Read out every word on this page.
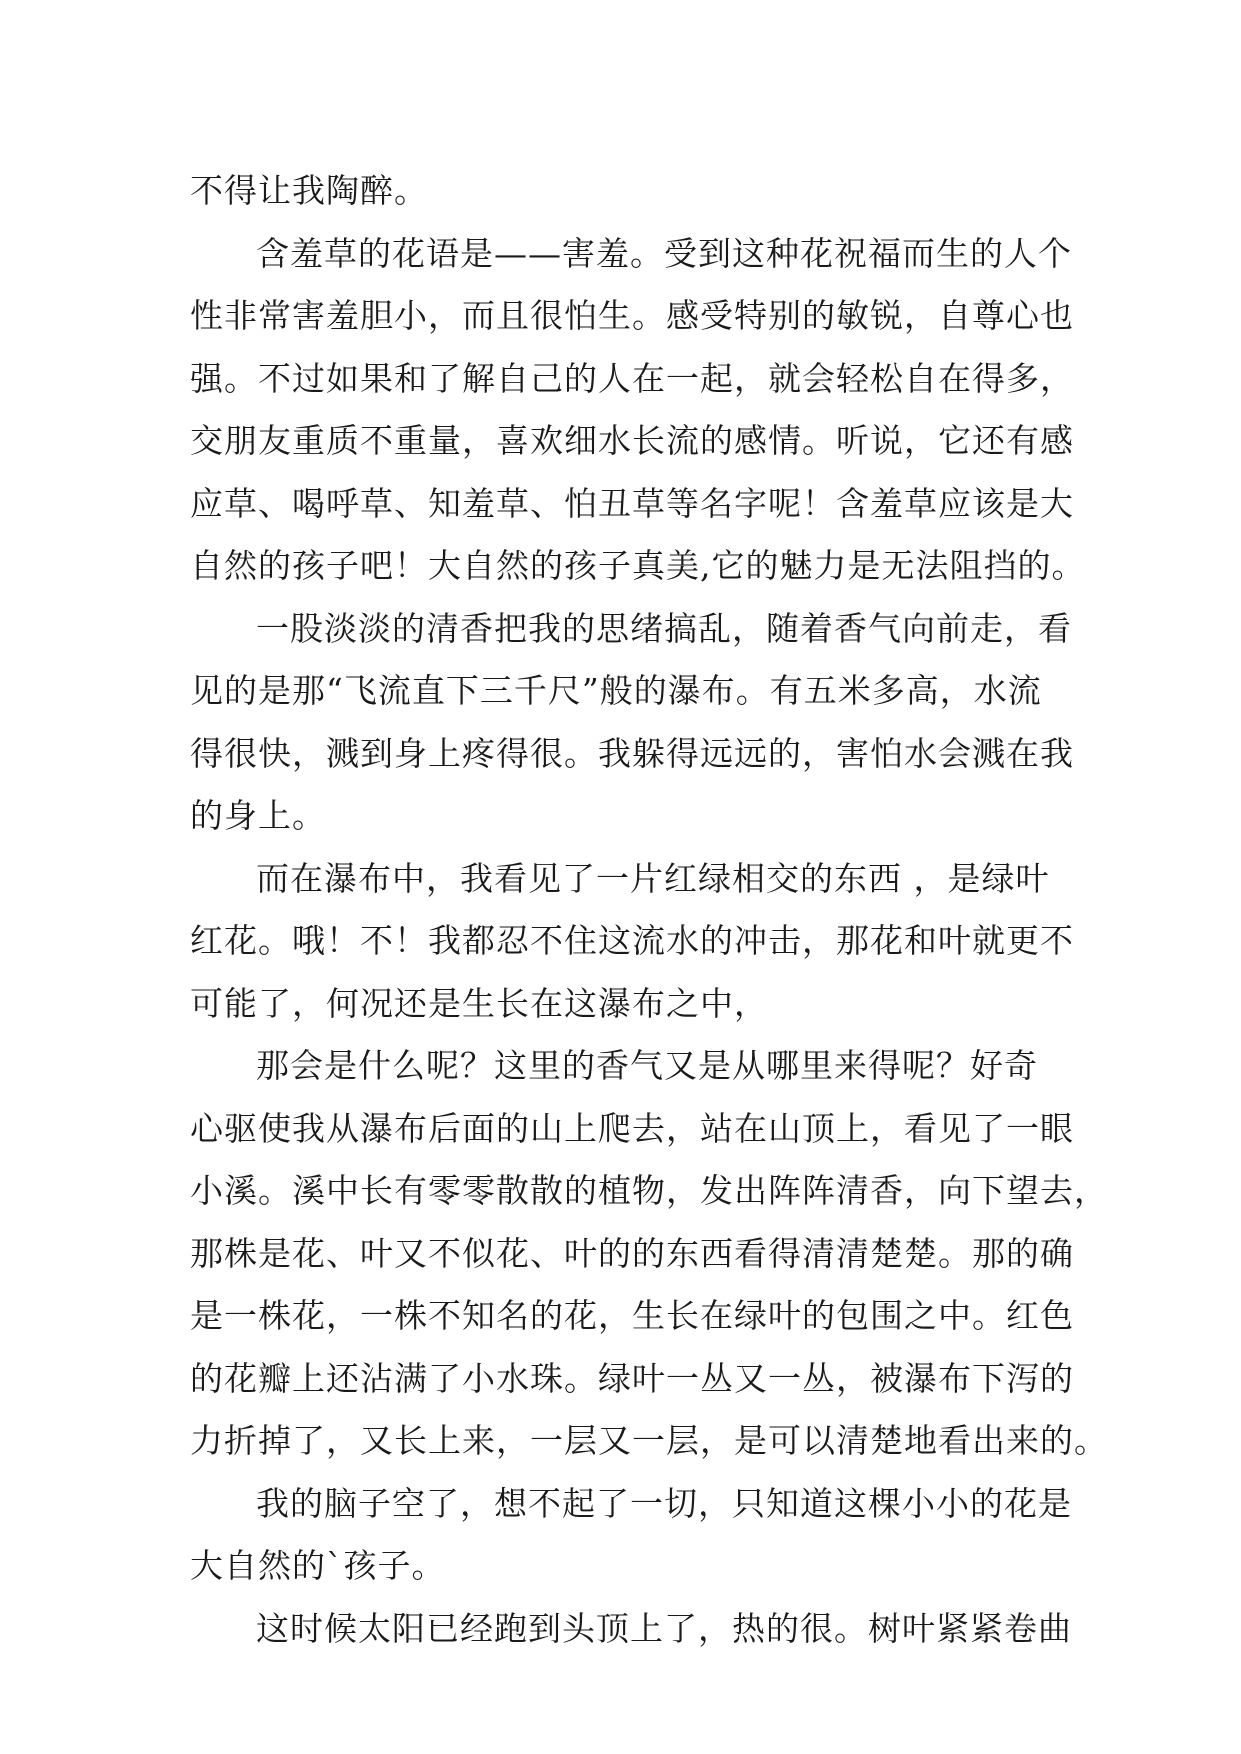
不得让我陶醉。

含羞草的花语是——害羞。受到这种花祝福而生的人个
性非常害羞胆小，而且很怕生。感受特别的敏锐，自尊心也
强。不过如果和了解自己的人在一起，就会轻松自在得多，
交朋友重质不重量，喜欢细水长流的感情。听说，它还有感
应草、喝呼草、知羞草、怕丑草等名字呢！含羞草应该是大
自然的孩子吧！大自然的孩子真美,它的魅力是无法阻挡的。

一股淡淡的清香把我的思绪搞乱，随着香气向前走，看
见的是那“飞流直下三千尺”般的瀑布。有五米多高，水流
得很快，溅到身上疼得很。我躲得远远的，害怕水会溅在我
的身上。

而在瀑布中，我看见了一片红绿相交的东西 ，是绿叶
红花。哦！不！我都忍不住这流水的冲击，那花和叶就更不
可能了，何况还是生长在这瀑布之中，

那会是什么呢？这里的香气又是从哪里来得呢？好奇
心驱使我从瀑布后面的山上爬去，站在山顶上，看见了一眼
小溪。溪中长有零零散散的植物，发出阵阵清香，向下望去，
那株是花、叶又不似花、叶的的东西看得清清楚楚。那的确
是一株花，一株不知名的花，生长在绿叶的包围之中。红色
的花瓣上还沾满了小水珠。绿叶一丛又一丛，被瀑布下泻的
力折掉了，又长上来，一层又一层，是可以清楚地看出来的。

我的脑子空了，想不起了一切，只知道这棵小小的花是
大自然的`孩子。

这时候太阳已经跑到头顶上了，热的很。树叶紧紧卷曲
